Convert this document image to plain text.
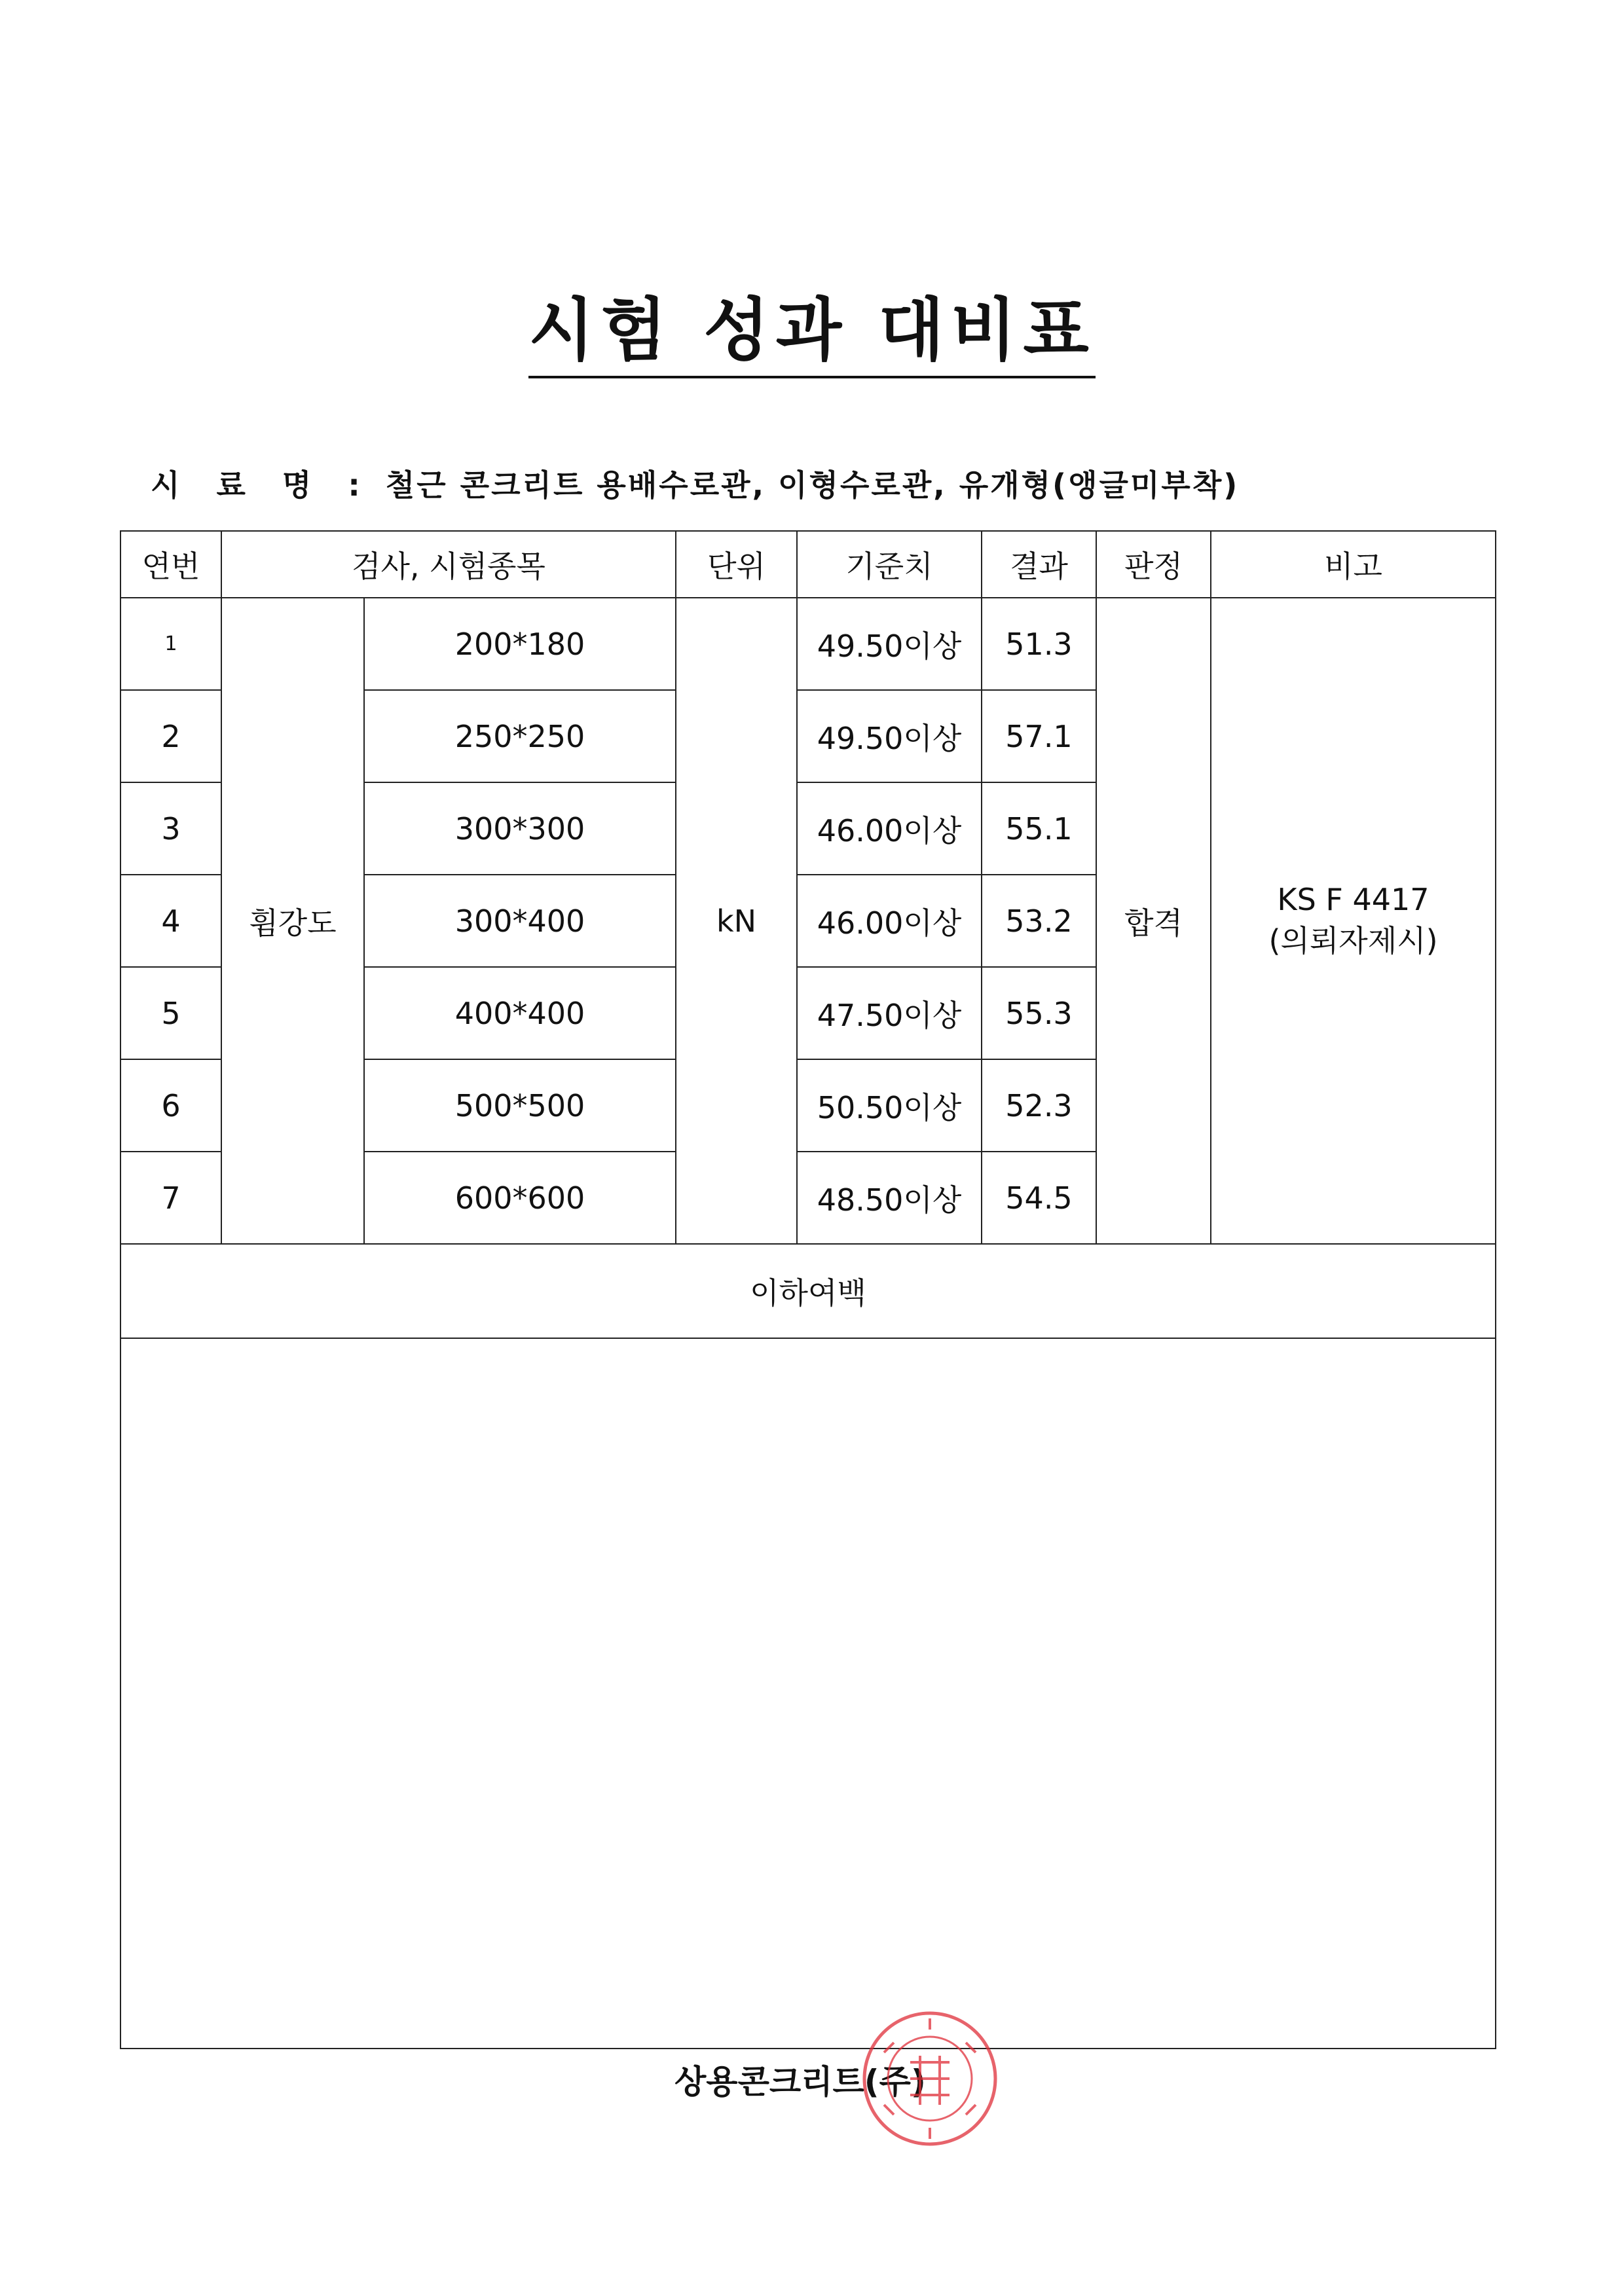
시험 성과 대비표
시 료 명 : 철근 콘크리트 용배수로관, 이형수로관, 유개형(앵글미부착)
연번	검사, 시험종목		단위	기준치	결과	판정	비고
1	휨강도	200*180	kN	49.50이상	51.3	합격	KS F 4417
(의뢰자제시)

2		250*250		49.50이상	57.1		
3		300*300		46.00이상	55.1		
4		300*400		46.00이상	53.2		
5		400*400		47.50이상	55.3		
6		500*500		50.50이상	52.3		
7		600*600		48.50이상	54.5		
이하여백							

상용콘크리트(주)
